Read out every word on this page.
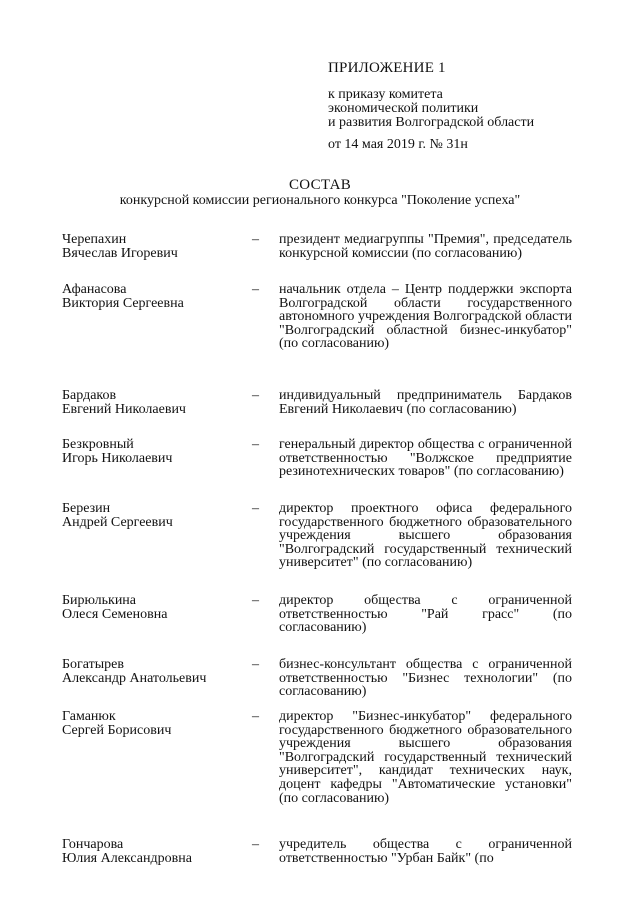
ПРИЛОЖЕНИЕ 1
к приказу комитета
экономической политики
и развития Волгоградской области
от 14 мая 2019 г. № 31н
СОСТАВ
конкурсной комиссии регионального конкурса "Поколение успеха"
Черепахин
Вячеслав Игоревич
– президент медиагруппы "Премия", председатель конкурсной комиссии (по согласованию)
Афанасова
Виктория Сергеевна
– начальник отдела – Центр поддержки экспорта Волгоградской области государственного автономного учреждения Волгоградской области "Волгоградский областной бизнес-инкубатор" (по согласованию)
Бардаков
Евгений Николаевич
– индивидуальный предприниматель Бардаков Евгений Николаевич (по согласованию)
Безкровный
Игорь Николаевич
– генеральный директор общества с ограниченной ответственностью "Волжское предприятие резинотехнических товаров" (по согласованию)
Березин
Андрей Сергеевич
– директор проектного офиса федерального государственного бюджетного образовательного учреждения высшего образования "Волгоградский государственный технический университет" (по согласованию)
Бирюлькина
Олеся Семеновна
– директор общества с ограниченной ответственностью "Рай грасс" (по согласованию)
Богатырев
Александр Анатольевич
– бизнес-консультант общества с ограниченной ответственностью "Бизнес технологии" (по согласованию)
Гаманюк
Сергей Борисович
– директор "Бизнес-инкубатор" федерального государственного бюджетного образовательного учреждения высшего образования "Волгоградский государственный технический университет", кандидат технических наук, доцент кафедры "Автоматические установки" (по согласованию)
Гончарова
Юлия Александровна
– учредитель общества с ограниченной ответственностью "Урбан Байк" (по
